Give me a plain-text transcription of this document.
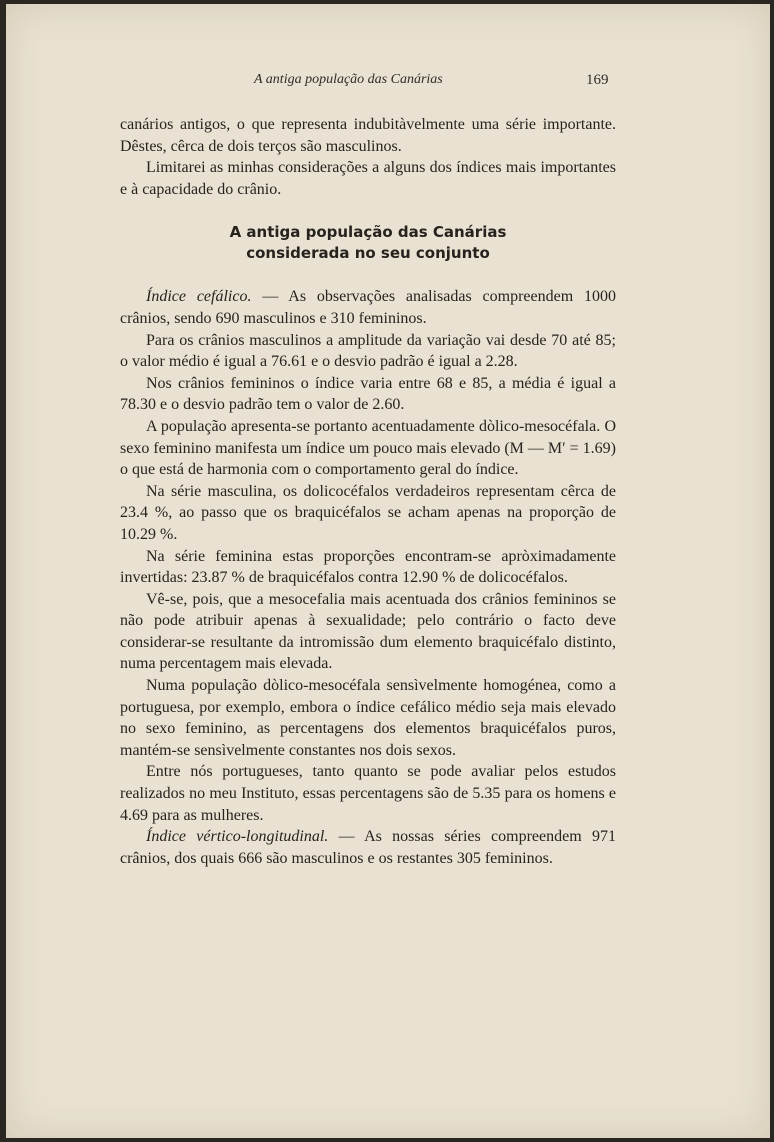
A antiga população das Canárias	169

canários antigos, o que representa indubitàvelmente uma série importante. Dêstes, cêrca de dois terços são masculinos.

Limitarei as minhas considerações a alguns dos índices mais importantes e à capacidade do crânio.

A antiga população das Canárias
considerada no seu conjunto

Índice cefálico. — As observações analisadas compreendem 1000 crânios, sendo 690 masculinos e 310 femininos.

Para os crânios masculinos a amplitude da variação vai desde 70 até 85; o valor médio é igual a 76.61 e o desvio padrão é igual a 2.28.

Nos crânios femininos o índice varia entre 68 e 85, a média é igual a 78.30 e o desvio padrão tem o valor de 2.60.

A população apresenta-se portanto acentuadamente dòlico-mesocéfala. O sexo feminino manifesta um índice um pouco mais elevado (M — M′ = 1.69) o que está de harmonia com o comportamento geral do índice.

Na série masculina, os dolicocéfalos verdadeiros representam cêrca de 23.4 %, ao passo que os braquicéfalos se acham apenas na proporção de 10.29 %.

Na série feminina estas proporções encontram-se apròximadamente invertidas: 23.87 % de braquicéfalos contra 12.90 % de dolicocéfalos.

Vê-se, pois, que a mesocefalia mais acentuada dos crânios femininos se não pode atribuir apenas à sexualidade; pelo contrário o facto deve considerar-se resultante da intromissão dum elemento braquicéfalo distinto, numa percentagem mais elevada.

Numa população dòlico-mesocéfala sensìvelmente homogénea, como a portuguesa, por exemplo, embora o índice cefálico médio seja mais elevado no sexo feminino, as percentagens dos elementos braquicéfalos puros, mantém-se sensìvelmente constantes nos dois sexos.

Entre nós portugueses, tanto quanto se pode avaliar pelos estudos realizados no meu Instituto, essas percentagens são de 5.35 para os homens e 4.69 para as mulheres.

Índice vértico-longitudinal. — As nossas séries compreendem 971 crânios, dos quais 666 são masculinos e os restantes 305 femininos.
